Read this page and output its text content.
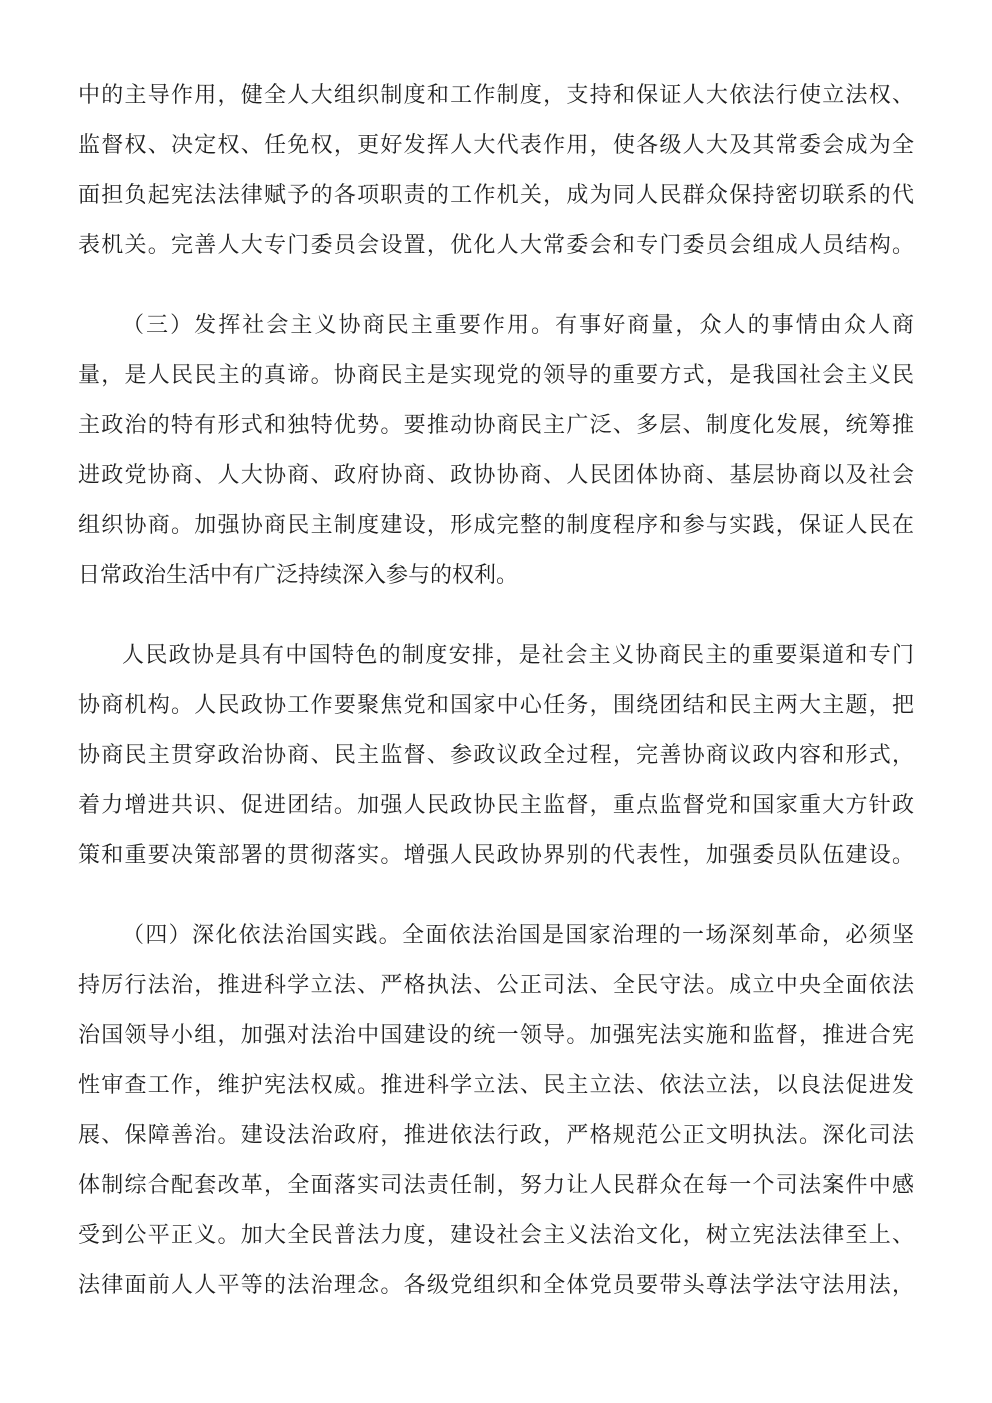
中的主导作用，健全人大组织制度和工作制度，支持和保证人大依法行使立法权、

监督权、决定权、任免权，更好发挥人大代表作用，使各级人大及其常委会成为全

面担负起宪法法律赋予的各项职责的工作机关，成为同人民群众保持密切联系的代

表机关。完善人大专门委员会设置，优化人大常委会和专门委员会组成人员结构。

（三）发挥社会主义协商民主重要作用。有事好商量，众人的事情由众人商

量，是人民民主的真谛。协商民主是实现党的领导的重要方式，是我国社会主义民

主政治的特有形式和独特优势。要推动协商民主广泛、多层、制度化发展，统筹推

进政党协商、人大协商、政府协商、政协协商、人民团体协商、基层协商以及社会

组织协商。加强协商民主制度建设，形成完整的制度程序和参与实践，保证人民在

日常政治生活中有广泛持续深入参与的权利。

人民政协是具有中国特色的制度安排，是社会主义协商民主的重要渠道和专门

协商机构。人民政协工作要聚焦党和国家中心任务，围绕团结和民主两大主题，把

协商民主贯穿政治协商、民主监督、参政议政全过程，完善协商议政内容和形式，

着力增进共识、促进团结。加强人民政协民主监督，重点监督党和国家重大方针政

策和重要决策部署的贯彻落实。增强人民政协界别的代表性，加强委员队伍建设。

（四）深化依法治国实践。全面依法治国是国家治理的一场深刻革命，必须坚

持厉行法治，推进科学立法、严格执法、公正司法、全民守法。成立中央全面依法

治国领导小组，加强对法治中国建设的统一领导。加强宪法实施和监督，推进合宪

性审查工作，维护宪法权威。推进科学立法、民主立法、依法立法，以良法促进发

展、保障善治。建设法治政府，推进依法行政，严格规范公正文明执法。深化司法

体制综合配套改革，全面落实司法责任制，努力让人民群众在每一个司法案件中感

受到公平正义。加大全民普法力度，建设社会主义法治文化，树立宪法法律至上、

法律面前人人平等的法治理念。各级党组织和全体党员要带头尊法学法守法用法，
